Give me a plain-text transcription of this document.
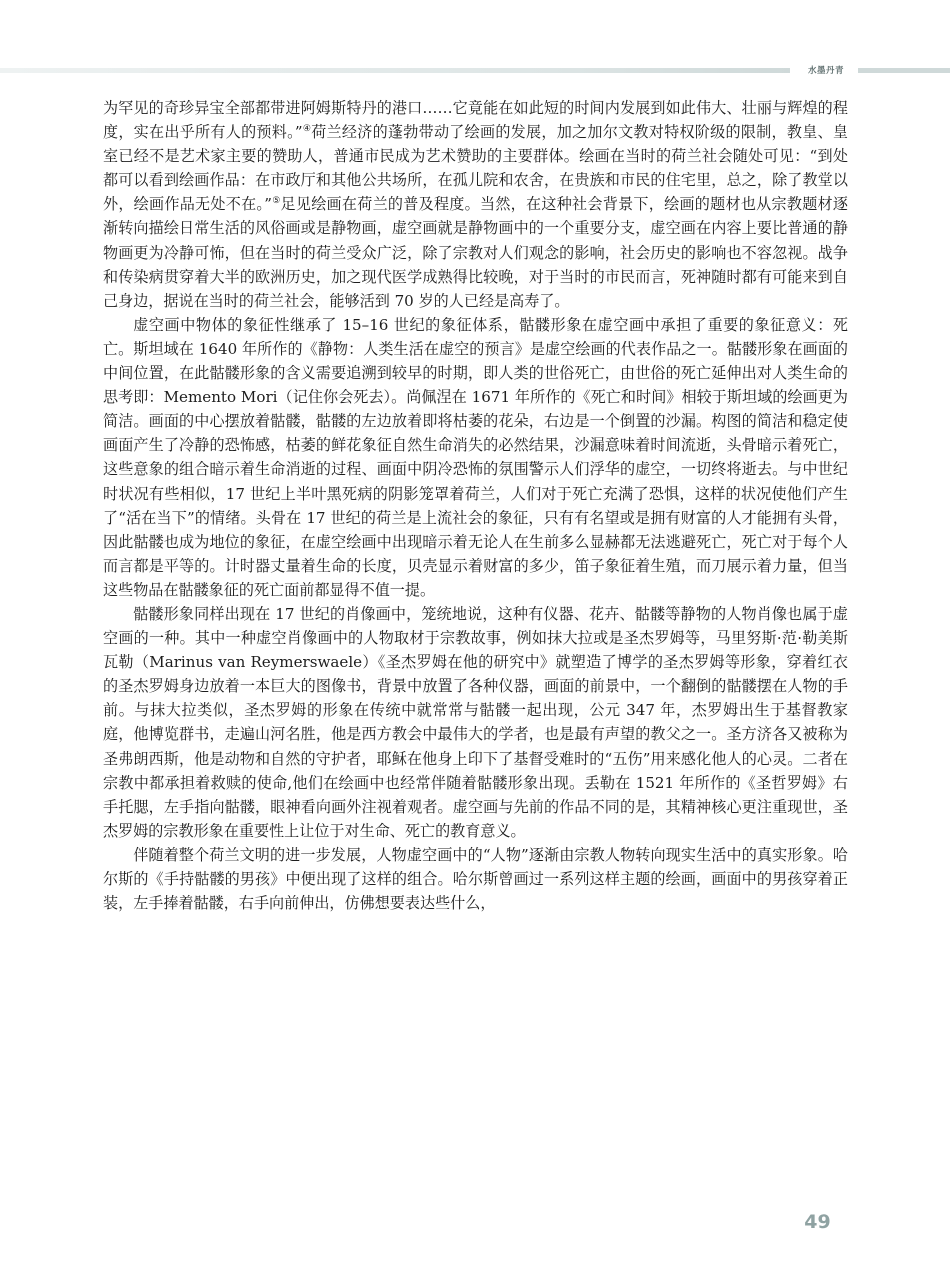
水墨丹青

为罕见的奇珍异宝全部都带进阿姆斯特丹的港口……它竟能在如此短的时间内发展到如此伟大、壮丽与辉煌的程度，实在出乎所有人的预料。”④荷兰经济的蓬勃带动了绘画的发展，加之加尔文教对特权阶级的限制，教皇、皇室已经不是艺术家主要的赞助人，普通市民成为艺术赞助的主要群体。绘画在当时的荷兰社会随处可见：“到处都可以看到绘画作品：在市政厅和其他公共场所，在孤儿院和农舍，在贵族和市民的住宅里，总之，除了教堂以外，绘画作品无处不在。”⑤足见绘画在荷兰的普及程度。当然，在这种社会背景下，绘画的题材也从宗教题材逐渐转向描绘日常生活的风俗画或是静物画，虚空画就是静物画中的一个重要分支，虚空画在内容上要比普通的静物画更为冷静可怖，但在当时的荷兰受众广泛，除了宗教对人们观念的影响，社会历史的影响也不容忽视。战争和传染病贯穿着大半的欧洲历史，加之现代医学成熟得比较晚，对于当时的市民而言，死神随时都有可能来到自己身边，据说在当时的荷兰社会，能够活到 70 岁的人已经是高寿了。

虚空画中物体的象征性继承了 15–16 世纪的象征体系，骷髅形象在虚空画中承担了重要的象征意义：死亡。斯坦域在 1640 年所作的《静物：人类生活在虚空的预言》是虚空绘画的代表作品之一。骷髅形象在画面的中间位置，在此骷髅形象的含义需要追溯到较早的时期，即人类的世俗死亡，由世俗的死亡延伸出对人类生命的思考即：Memento Mori（记住你会死去）。尚佩涅在 1671 年所作的《死亡和时间》相较于斯坦域的绘画更为简洁。画面的中心摆放着骷髅，骷髅的左边放着即将枯萎的花朵，右边是一个倒置的沙漏。构图的简洁和稳定使画面产生了冷静的恐怖感，枯萎的鲜花象征自然生命消失的必然结果，沙漏意味着时间流逝，头骨暗示着死亡，这些意象的组合暗示着生命消逝的过程、画面中阴冷恐怖的氛围警示人们浮华的虚空，一切终将逝去。与中世纪时状况有些相似，17 世纪上半叶黑死病的阴影笼罩着荷兰，人们对于死亡充满了恐惧，这样的状况使他们产生了“活在当下”的情绪。头骨在 17 世纪的荷兰是上流社会的象征，只有有名望或是拥有财富的人才能拥有头骨，因此骷髅也成为地位的象征，在虚空绘画中出现暗示着无论人在生前多么显赫都无法逃避死亡，死亡对于每个人而言都是平等的。计时器丈量着生命的长度，贝壳显示着财富的多少，笛子象征着生殖，而刀展示着力量，但当这些物品在骷髅象征的死亡面前都显得不值一提。

骷髅形象同样出现在 17 世纪的肖像画中，笼统地说，这种有仪器、花卉、骷髅等静物的人物肖像也属于虚空画的一种。其中一种虚空肖像画中的人物取材于宗教故事，例如抹大拉或是圣杰罗姆等，马里努斯·范·勒美斯瓦勒（Marinus van Reymerswaele）《圣杰罗姆在他的研究中》就塑造了博学的圣杰罗姆等形象，穿着红衣的圣杰罗姆身边放着一本巨大的图像书，背景中放置了各种仪器，画面的前景中，一个翻倒的骷髅摆在人物的手前。与抹大拉类似，圣杰罗姆的形象在传统中就常常与骷髅一起出现，公元 347 年，杰罗姆出生于基督教家庭，他博览群书，走遍山河名胜，他是西方教会中最伟大的学者，也是最有声望的教父之一。圣方济各又被称为圣弗朗西斯，他是动物和自然的守护者，耶稣在他身上印下了基督受难时的“五伤”用来感化他人的心灵。二者在宗教中都承担着救赎的使命,他们在绘画中也经常伴随着骷髅形象出现。丢勒在 1521 年所作的《圣哲罗姆》右手托腮，左手指向骷髅，眼神看向画外注视着观者。虚空画与先前的作品不同的是，其精神核心更注重现世，圣杰罗姆的宗教形象在重要性上让位于对生命、死亡的教育意义。

伴随着整个荷兰文明的进一步发展，人物虚空画中的“人物”逐渐由宗教人物转向现实生活中的真实形象。哈尔斯的《手持骷髅的男孩》中便出现了这样的组合。哈尔斯曾画过一系列这样主题的绘画，画面中的男孩穿着正装，左手捧着骷髅，右手向前伸出，仿佛想要表达些什么，

49
